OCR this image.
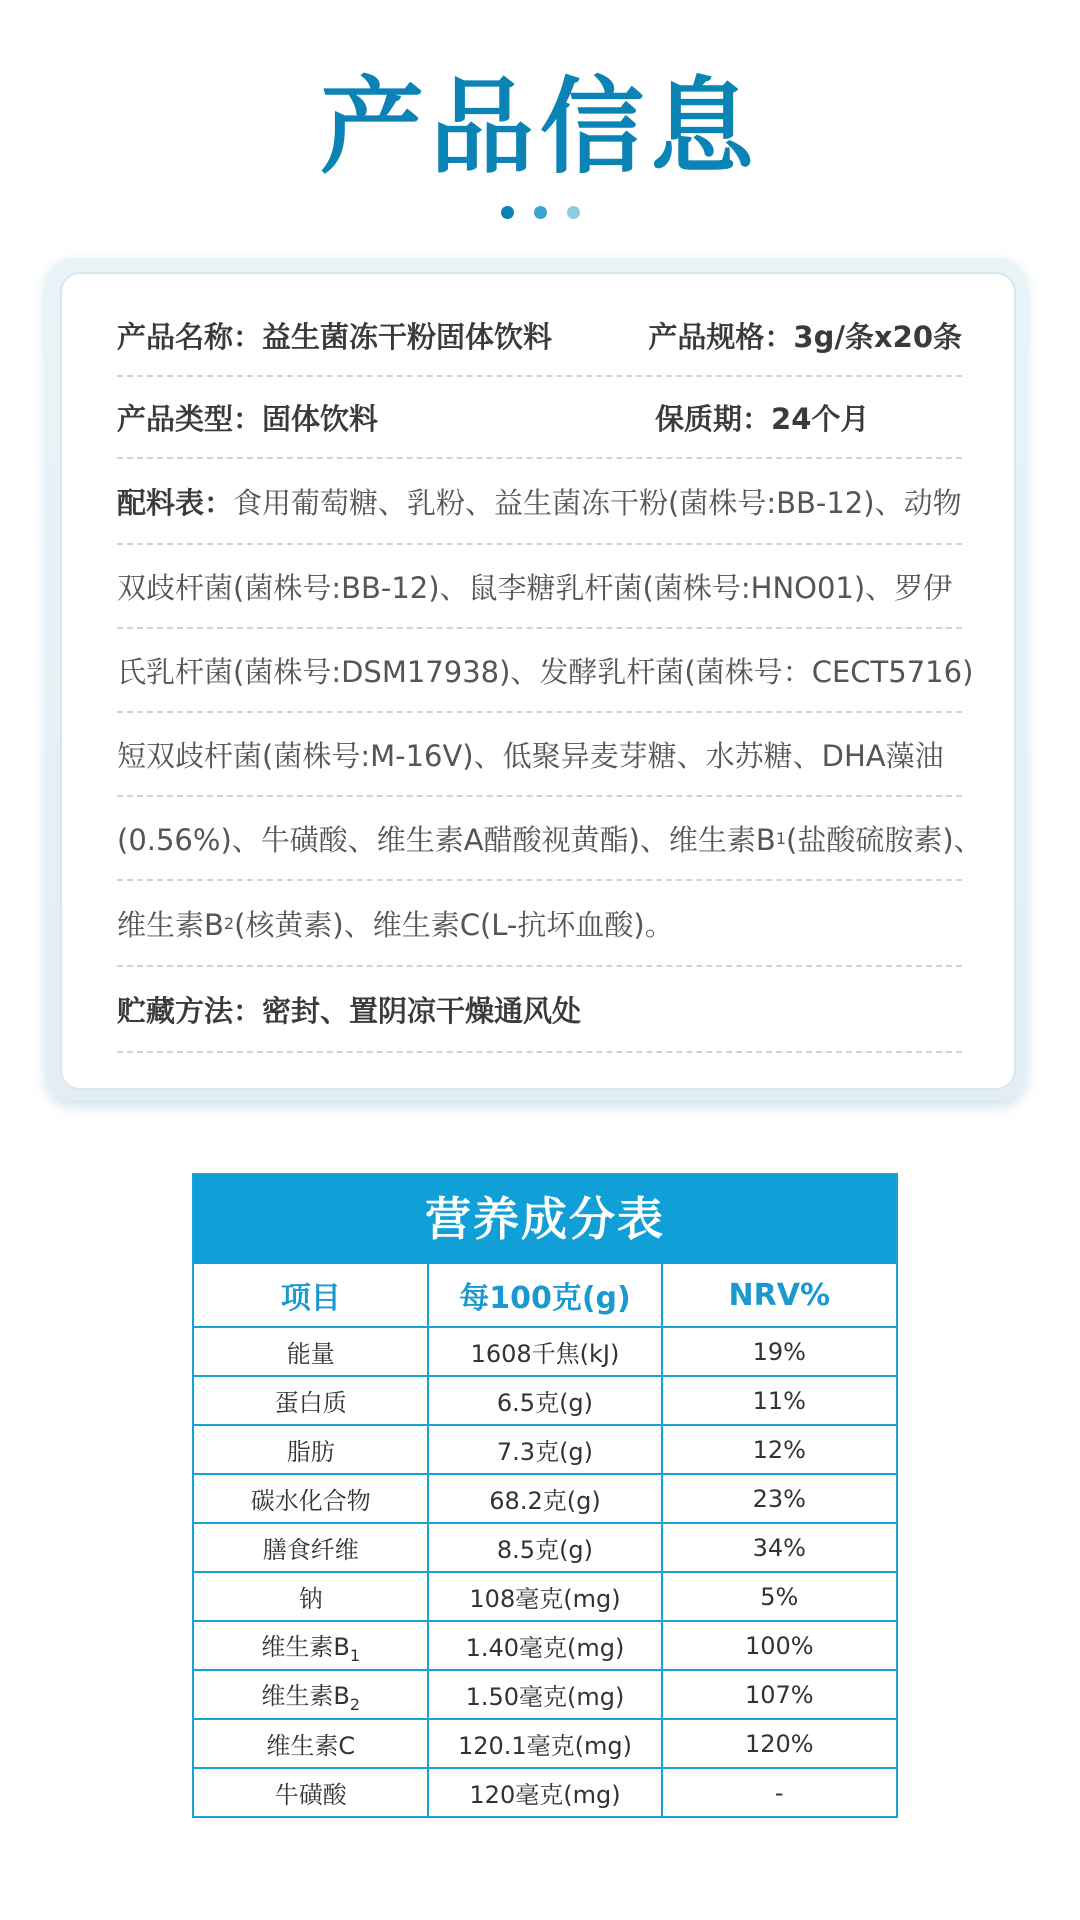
产品信息
产品名称：益生菌冻干粉固体饮料	产品规格：3g/条x20条
产品类型：固体饮料	保质期：24个月
配料表： 食用葡萄糖、乳粉、益生菌冻干粉(菌株号:BB-12)、动物
双歧杆菌(菌株号:BB-12)、鼠李糖乳杆菌(菌株号:HNO01)、罗伊
氏乳杆菌(菌株号:DSM17938)、发酵乳杆菌(菌株号：CECT5716)
短双歧杆菌(菌株号:M-16V)、低聚异麦芽糖、水苏糖、DHA藻油
(0.56%)、牛磺酸、维生素A醋酸视黄酯)、维生素B 1 (盐酸硫胺素)、
维生素B 2 (核黄素)、维生素C(L-抗坏血酸)。
贮藏方法： 密封、置阴凉干燥通风处
营养成分表
项目	每100克(g)	NRV%
能量	1608千焦(kJ)	19%
蛋白质	6.5克(g)	11%
脂肪	7.3克(g)	12%
碳水化合物	68.2克(g)	23%
膳食纤维	8.5克(g)	34%
钠	108毫克(mg)	5%
维生素$B_1$	1.40毫克(mg)	100%
维生素$B_2$	1.50毫克(mg)	107%
维生素C	120.1毫克(mg)	120%
牛磺酸	120毫克(mg)	-
